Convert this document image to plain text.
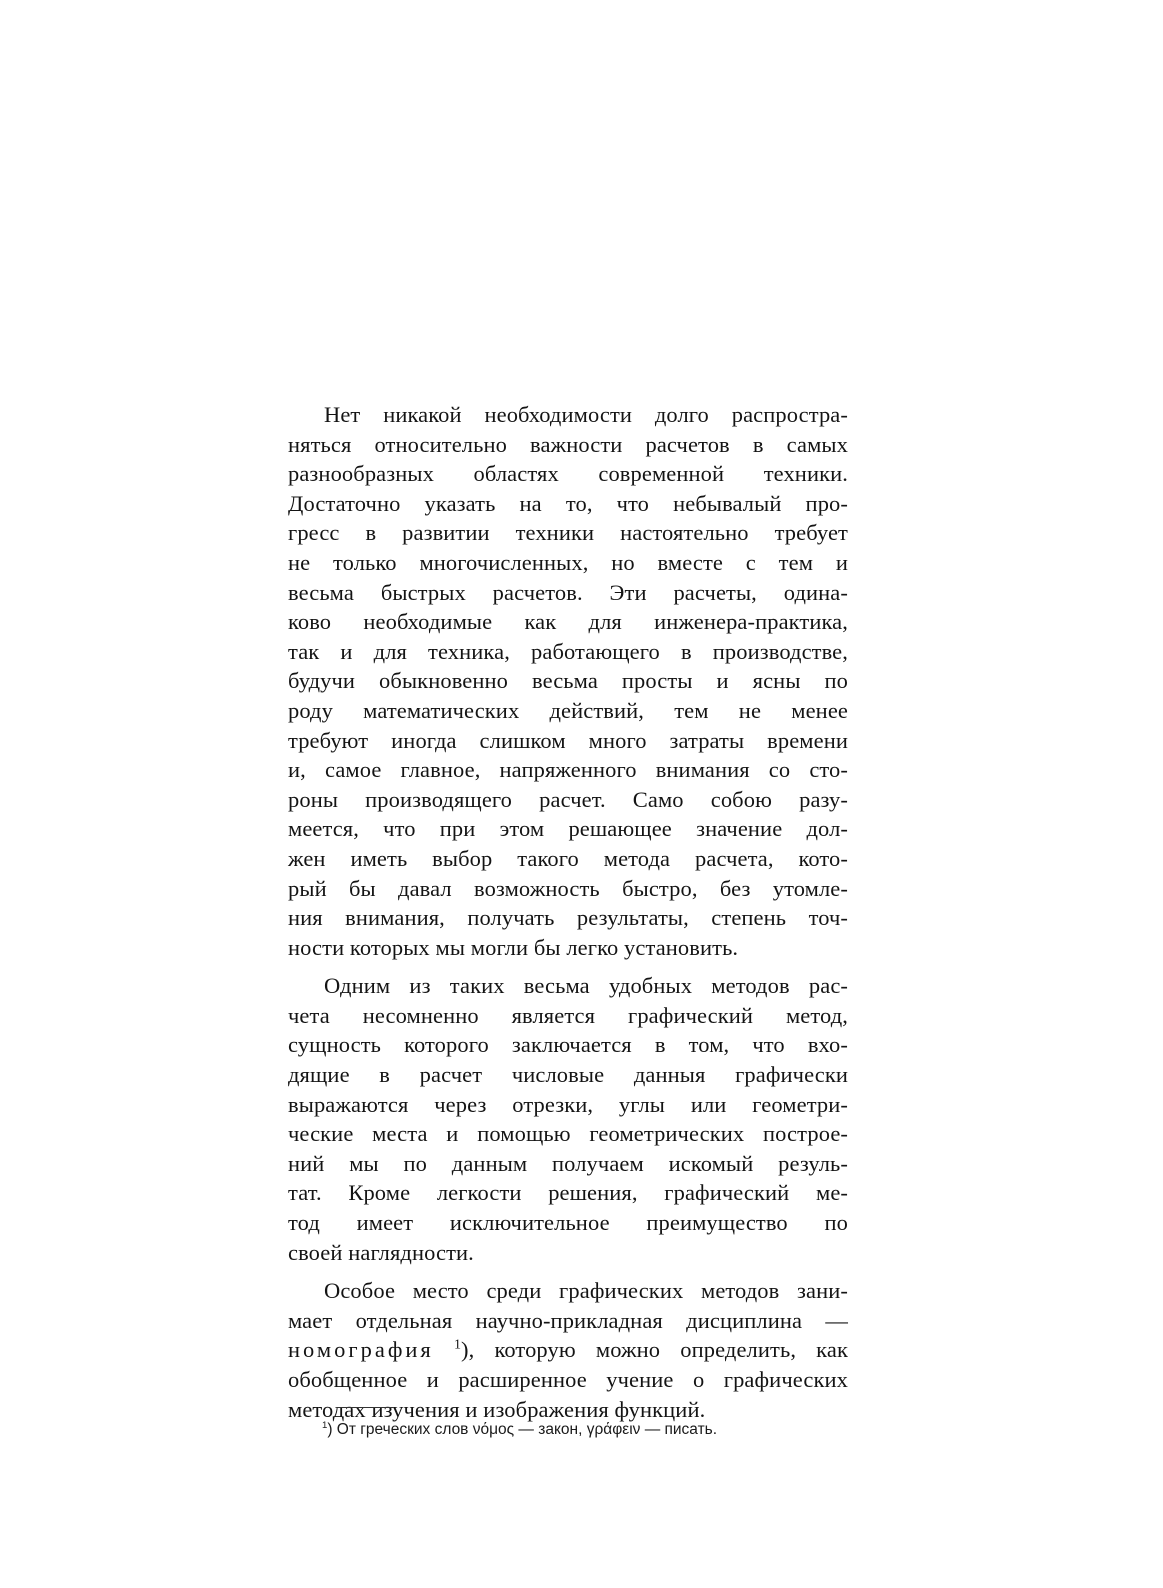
Нет никакой необходимости долго распростра-
няться относительно важности расчетов в самых
разнообразных областях современной техники.
Достаточно указать на то, что небывалый про-
гресс в развитии техники настоятельно требует
не только многочисленных, но вместе с тем и
весьма быстрых расчетов. Эти расчеты, одина-
ково необходимые как для инженера-практика,
так и для техника, работающего в производстве,
будучи обыкновенно весьма просты и ясны по
роду математических действий, тем не менее
требуют иногда слишком много затраты времени
и, самое главное, напряженного внимания со сто-
роны производящего расчет. Само собою разу-
меется, что при этом решающее значение дол-
жен иметь выбор такого метода расчета, кото-
рый бы давал возможность быстро, без утомле-
ния внимания, получать результаты, степень точ-
ности которых мы могли бы легко установить.
Одним из таких весьма удобных методов рас-
чета несомненно является графический метод,
сущность которого заключается в том, что вхо-
дящие в расчет числовые данныя графически
выражаются через отрезки, углы или геометри-
ческие места и помощью геометрических построе-
ний мы по данным получаем искомый резуль-
тат. Кроме легкости решения, графический ме-
тод имеет исключительное преимущество по
своей наглядности.
Особое место среди графических методов зани-
мает отдельная научно-прикладная дисциплина —
номография $^1$), которую можно определить, как
обобщенное и расширенное учение о графических
методах изучения и изображения функций.
$^1$) От греческих слов νόμος — закон, γράφειν — писать.
